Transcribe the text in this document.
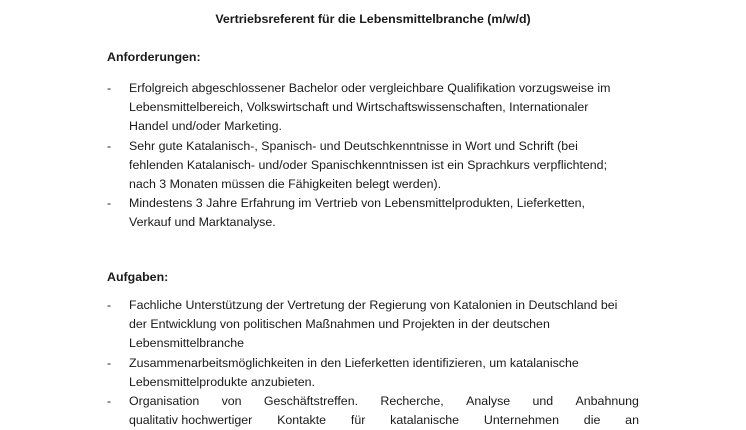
Vertriebsreferent für die Lebensmittelbranche (m/w/d)
Anforderungen:
- Erfolgreich abgeschlossener Bachelor oder vergleichbare Qualifikation vorzugsweise im
Lebensmittelbereich, Volkswirtschaft und Wirtschaftswissenschaften, Internationaler
Handel und/oder Marketing.
- Sehr gute Katalanisch-, Spanisch- und Deutschkenntnisse in Wort und Schrift (bei
fehlenden Katalanisch- und/oder Spanischkenntnissen ist ein Sprachkurs verpflichtend;
nach 3 Monaten müssen die Fähigkeiten belegt werden).
- Mindestens 3 Jahre Erfahrung im Vertrieb von Lebensmittelprodukten, Lieferketten,
Verkauf und Marktanalyse.
Aufgaben:
- Fachliche Unterstützung der Vertretung der Regierung von Katalonien in Deutschland bei
der Entwicklung von politischen Maßnahmen und Projekten in der deutschen
Lebensmittelbranche
- Zusammenarbeitsmöglichkeiten in den Lieferketten identifizieren, um katalanische
Lebensmittelprodukte anzubieten.
- Organisation von Geschäftstreffen. Recherche, Analyse und Anbahnung
qualitativ hochwertiger Kontakte für katalanische Unternehmen die an
